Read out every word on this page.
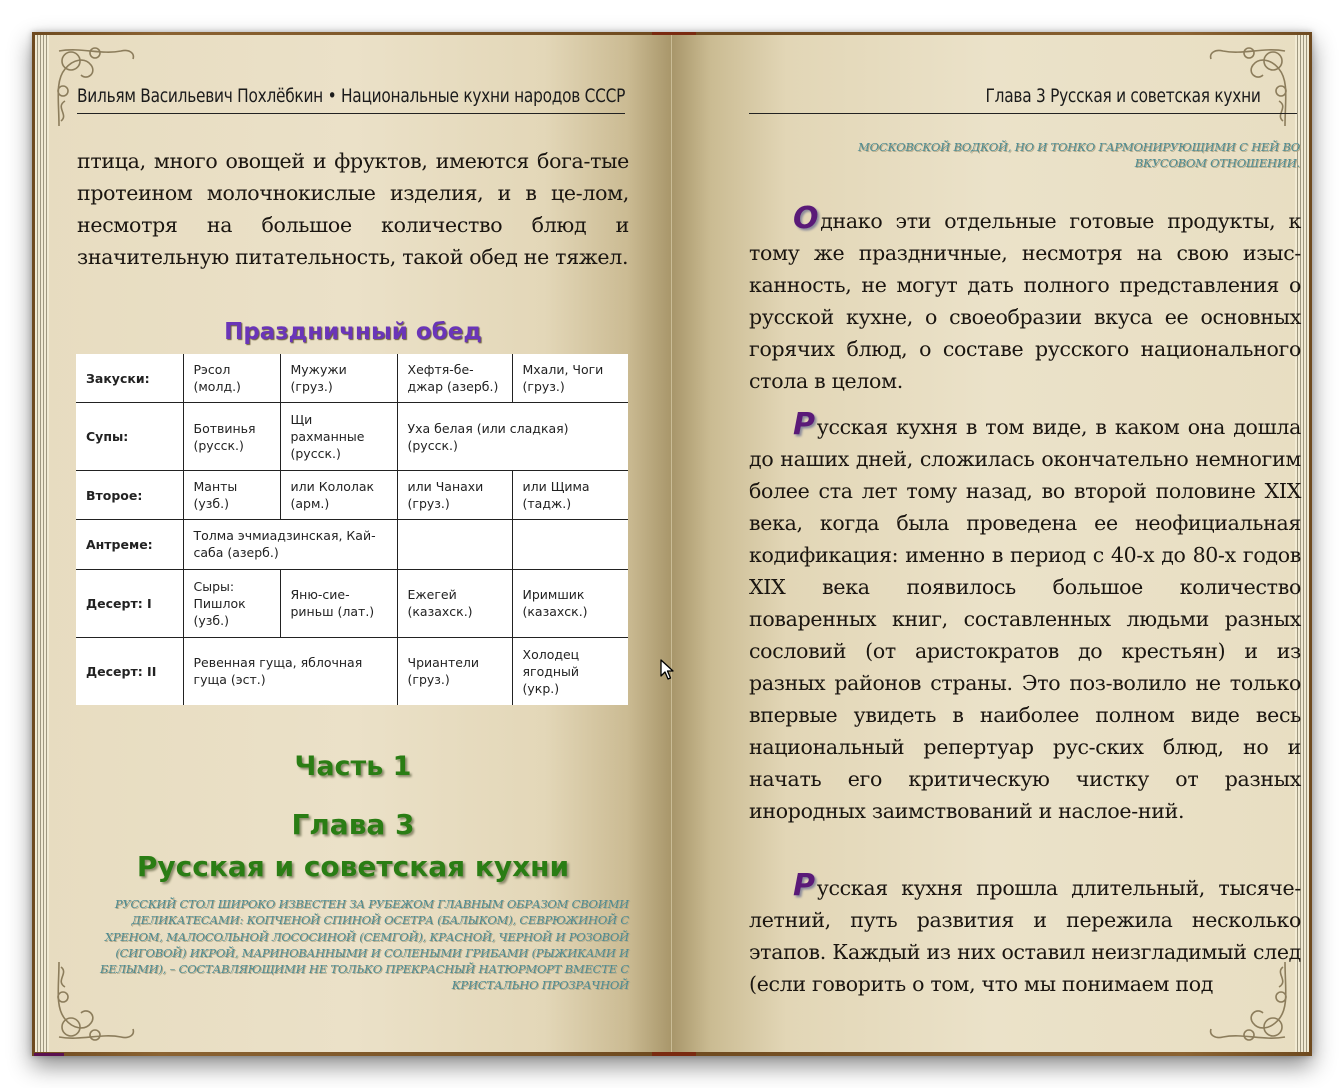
Вильям Васильевич Похлёбкин • Национальные кухни народов СССР
птица, много овощей и фруктов, имеются бога-тые протеином молочнокислые изделия, и в це-лом, несмотря на большое количество блюд и значительную питательность, такой обед не тяжел.
Праздничный обед
Закуски:	Рэсол (молд.)	Мужужи (груз.)	Хефтя-бе-джар (азерб.)	Мхали, Чоги (груз.)
Супы:	Ботвинья (русск.)	Щи рахманные (русск.)	Уха белая (или сладкая) (русск.)	
Второе:	Манты (узб.)	или Кололак (арм.)	или Чанахи (груз.)	или Щима (тадж.)
Антреме:	Толма эчмиадзинская, Кай-саба (азерб.)			
Десерт: I	Сыры: Пишлок (узб.)	Яню-сие-риньш (лат.)	Ежегей (казахск.)	Иримшик (казахск.)
Десерт: II	Ревенная гуща, яблочная гуща (эст.)		Чриантели (груз.)	Холодец ягодный (укр.)
Часть 1
Глава 3
Русская и советская кухни
РУССКИЙ СТОЛ ШИРОКО ИЗВЕСТЕН ЗА РУБЕЖОМ ГЛАВНЫМ ОБРАЗОМ СВОИМИ ДЕЛИКАТЕСАМИ: КОПЧЕНОЙ СПИНОЙ ОСЕТРА (БАЛЫКОМ), СЕВРЮЖИНОЙ С ХРЕНОМ, МАЛОСОЛЬНОЙ ЛОСОСИНОЙ (СЕМГОЙ), КРАСНОЙ, ЧЕРНОЙ И РОЗОВОЙ (СИГОВОЙ) ИКРОЙ, МАРИНОВАННЫМИ И СОЛЕНЫМИ ГРИБАМИ (РЫЖИКАМИ И БЕЛЫМИ), – СОСТАВЛЯЮЩИМИ НЕ ТОЛЬКО ПРЕКРАСНЫЙ НАТЮРМОРТ ВМЕСТЕ С КРИСТАЛЬНО ПРОЗРАЧНОЙ
Глава 3 Русская и советская кухни
МОСКОВСКОЙ ВОДКОЙ, НО И ТОНКО ГАРМОНИРУЮЩИМИ С НЕЙ ВО ВКУСОВОМ ОТНОШЕНИИ.
Однако эти отдельные готовые продукты, к тому же праздничные, несмотря на свою изыс-канность, не могут дать полного представления о русской кухне, о своеобразии вкуса ее основных горячих блюд, о составе русского национального стола в целом.
Русская кухня в том виде, в каком она дошла до наших дней, сложилась окончательно немногим более ста лет тому назад, во второй половине XIX века, когда была проведена ее неофициальная кодификация: именно в период с 40-х до 80-х годов XIX века появилось большое количество поваренных книг, составленных людьми разных сословий (от аристократов до крестьян) и из разных районов страны. Это поз-волило не только впервые увидеть в наиболее полном виде весь национальный репертуар рус-ских блюд, но и начать его критическую чистку от разных инородных заимствований и наслое-ний.
Русская кухня прошла длительный, тысяче-летний, путь развития и пережила несколько этапов. Каждый из них оставил неизгладимый след (если говорить о том, что мы понимаем под
